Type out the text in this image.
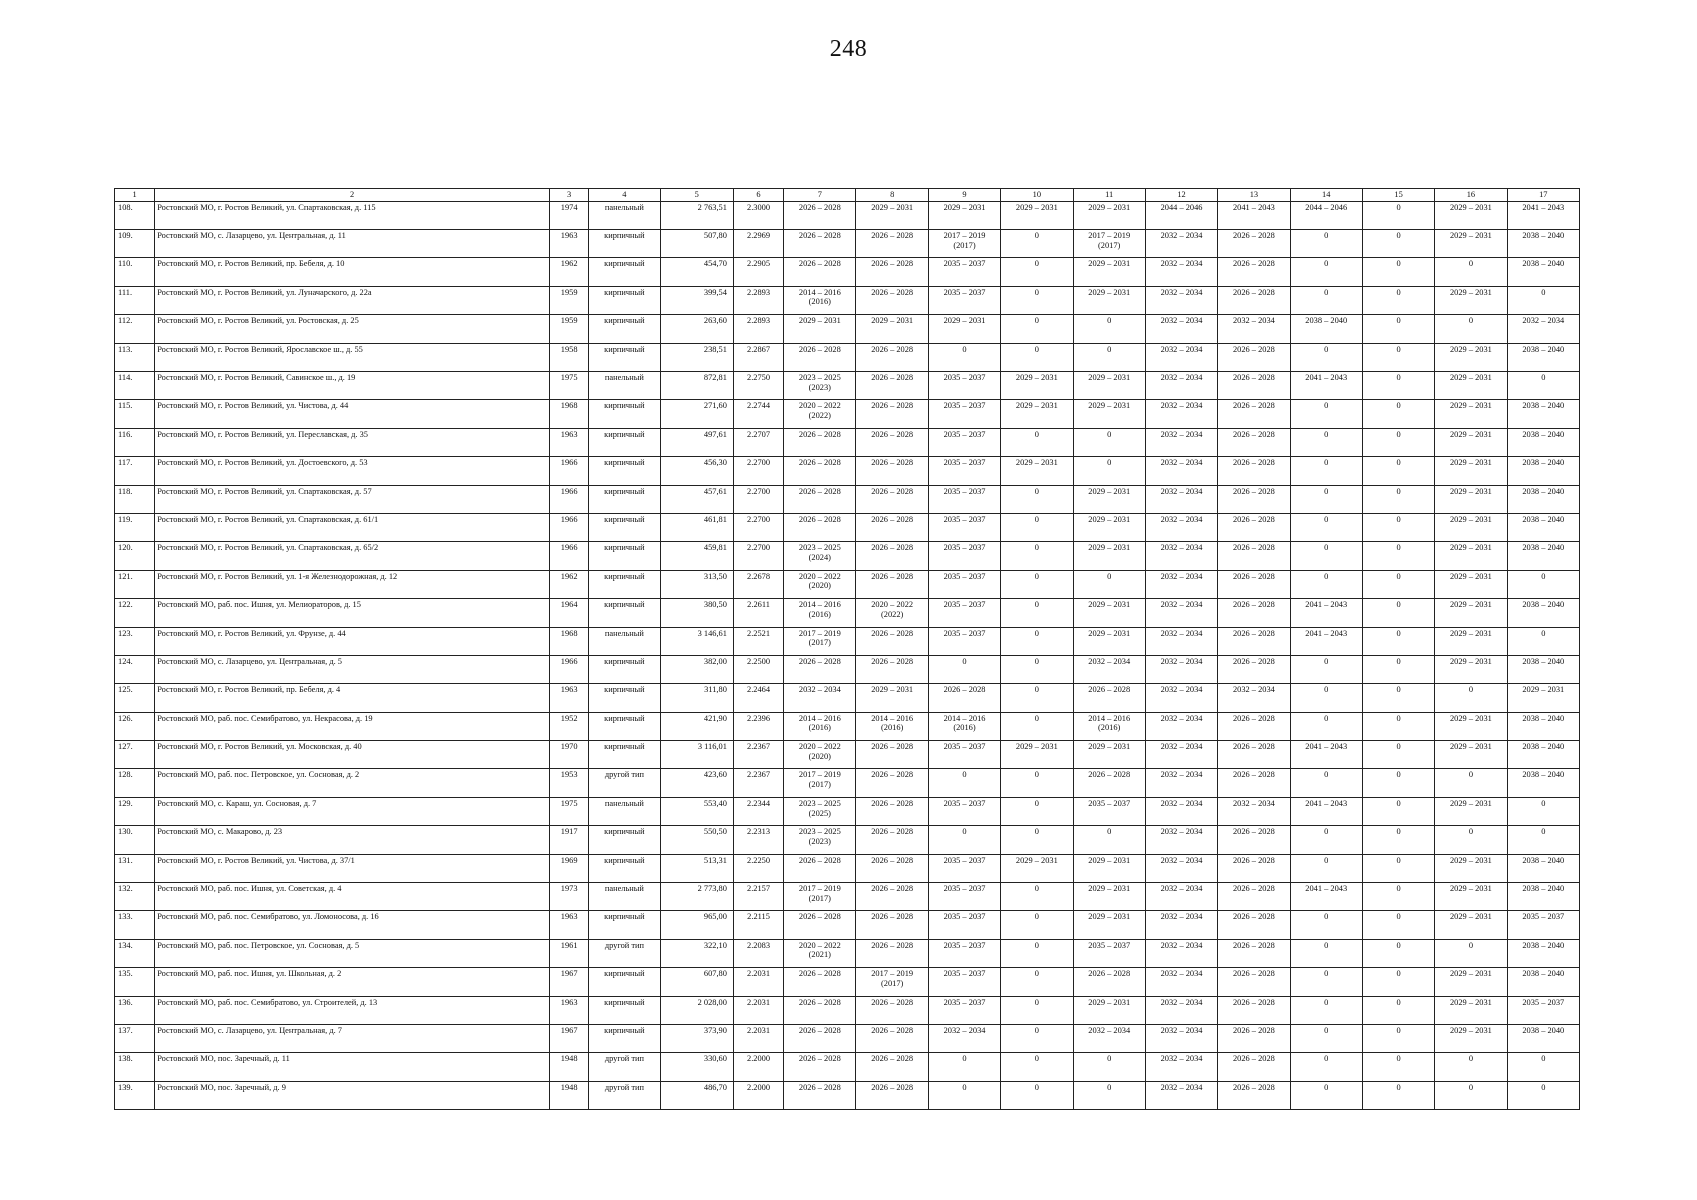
248
1	2	3	4	5	6	7	8	9	10	11	12	13	14	15	16	17
108.	Ростовский МО, г. Ростов Великий, ул. Спартаковская, д. 115	1974	панельный	2 763,51	2.3000	2026 – 2028	2029 – 2031	2029 – 2031	2029 – 2031	2029 – 2031	2044 – 2046	2041 – 2043	2044 – 2046	0	2029 – 2031	2041 – 2043
109.	Ростовский МО, с. Лазарцево, ул. Центральная, д. 11	1963	кирпичный	507,80	2.2969	2026 – 2028	2026 – 2028	2017 – 2019
(2017)	0	2017 – 2019
(2017)	2032 – 2034	2026 – 2028	0	0	2029 – 2031	2038 – 2040
110.	Ростовский МО, г. Ростов Великий, пр. Бебеля, д. 10	1962	кирпичный	454,70	2.2905	2026 – 2028	2026 – 2028	2035 – 2037	0	2029 – 2031	2032 – 2034	2026 – 2028	0	0	0	2038 – 2040
111.	Ростовский МО, г. Ростов Великий, ул. Луначарского, д. 22а	1959	кирпичный	399,54	2.2893	2014 – 2016
(2016)	2026 – 2028	2035 – 2037	0	2029 – 2031	2032 – 2034	2026 – 2028	0	0	2029 – 2031	0
112.	Ростовский МО, г. Ростов Великий, ул. Ростовская, д. 25	1959	кирпичный	263,60	2.2893	2029 – 2031	2029 – 2031	2029 – 2031	0	0	2032 – 2034	2032 – 2034	2038 – 2040	0	0	2032 – 2034
113.	Ростовский МО, г. Ростов Великий, Ярославское ш., д. 55	1958	кирпичный	238,51	2.2867	2026 – 2028	2026 – 2028	0	0	0	2032 – 2034	2026 – 2028	0	0	2029 – 2031	2038 – 2040
114.	Ростовский МО, г. Ростов Великий, Савинское ш., д. 19	1975	панельный	872,81	2.2750	2023 – 2025
(2023)	2026 – 2028	2035 – 2037	2029 – 2031	2029 – 2031	2032 – 2034	2026 – 2028	2041 – 2043	0	2029 – 2031	0
115.	Ростовский МО, г. Ростов Великий, ул. Чистова, д. 44	1968	кирпичный	271,60	2.2744	2020 – 2022
(2022)	2026 – 2028	2035 – 2037	2029 – 2031	2029 – 2031	2032 – 2034	2026 – 2028	0	0	2029 – 2031	2038 – 2040
116.	Ростовский МО, г. Ростов Великий, ул. Переславская, д. 35	1963	кирпичный	497,61	2.2707	2026 – 2028	2026 – 2028	2035 – 2037	0	0	2032 – 2034	2026 – 2028	0	0	2029 – 2031	2038 – 2040
117.	Ростовский МО, г. Ростов Великий, ул. Достоевского, д. 53	1966	кирпичный	456,30	2.2700	2026 – 2028	2026 – 2028	2035 – 2037	2029 – 2031	0	2032 – 2034	2026 – 2028	0	0	2029 – 2031	2038 – 2040
118.	Ростовский МО, г. Ростов Великий, ул. Спартаковская, д. 57	1966	кирпичный	457,61	2.2700	2026 – 2028	2026 – 2028	2035 – 2037	0	2029 – 2031	2032 – 2034	2026 – 2028	0	0	2029 – 2031	2038 – 2040
119.	Ростовский МО, г. Ростов Великий, ул. Спартаковская, д. 61/1	1966	кирпичный	461,81	2.2700	2026 – 2028	2026 – 2028	2035 – 2037	0	2029 – 2031	2032 – 2034	2026 – 2028	0	0	2029 – 2031	2038 – 2040
120.	Ростовский МО, г. Ростов Великий, ул. Спартаковская, д. 65/2	1966	кирпичный	459,81	2.2700	2023 – 2025
(2024)	2026 – 2028	2035 – 2037	0	2029 – 2031	2032 – 2034	2026 – 2028	0	0	2029 – 2031	2038 – 2040
121.	Ростовский МО, г. Ростов Великий, ул. 1-я Железнодорожная, д. 12	1962	кирпичный	313,50	2.2678	2020 – 2022
(2020)	2026 – 2028	2035 – 2037	0	0	2032 – 2034	2026 – 2028	0	0	2029 – 2031	0
122.	Ростовский МО, раб. пос. Ишня, ул. Мелиораторов, д. 15	1964	кирпичный	380,50	2.2611	2014 – 2016
(2016)	2020 – 2022
(2022)	2035 – 2037	0	2029 – 2031	2032 – 2034	2026 – 2028	2041 – 2043	0	2029 – 2031	2038 – 2040
123.	Ростовский МО, г. Ростов Великий, ул. Фрунзе, д. 44	1968	панельный	3 146,61	2.2521	2017 – 2019
(2017)	2026 – 2028	2035 – 2037	0	2029 – 2031	2032 – 2034	2026 – 2028	2041 – 2043	0	2029 – 2031	0
124.	Ростовский МО, с. Лазарцево, ул. Центральная, д. 5	1966	кирпичный	382,00	2.2500	2026 – 2028	2026 – 2028	0	0	2032 – 2034	2032 – 2034	2026 – 2028	0	0	2029 – 2031	2038 – 2040
125.	Ростовский МО, г. Ростов Великий, пр. Бебеля, д. 4	1963	кирпичный	311,80	2.2464	2032 – 2034	2029 – 2031	2026 – 2028	0	2026 – 2028	2032 – 2034	2032 – 2034	0	0	0	2029 – 2031
126.	Ростовский МО, раб. пос. Семибратово, ул. Некрасова, д. 19	1952	кирпичный	421,90	2.2396	2014 – 2016
(2016)	2014 – 2016
(2016)	2014 – 2016
(2016)	0	2014 – 2016
(2016)	2032 – 2034	2026 – 2028	0	0	2029 – 2031	2038 – 2040
127.	Ростовский МО, г. Ростов Великий, ул. Московская, д. 40	1970	кирпичный	3 116,01	2.2367	2020 – 2022
(2020)	2026 – 2028	2035 – 2037	2029 – 2031	2029 – 2031	2032 – 2034	2026 – 2028	2041 – 2043	0	2029 – 2031	2038 – 2040
128.	Ростовский МО, раб. пос. Петровское, ул. Сосновая, д. 2	1953	другой тип	423,60	2.2367	2017 – 2019
(2017)	2026 – 2028	0	0	2026 – 2028	2032 – 2034	2026 – 2028	0	0	0	2038 – 2040
129.	Ростовский МО, с. Караш, ул. Сосновая, д. 7	1975	панельный	553,40	2.2344	2023 – 2025
(2025)	2026 – 2028	2035 – 2037	0	2035 – 2037	2032 – 2034	2032 – 2034	2041 – 2043	0	2029 – 2031	0
130.	Ростовский МО, с. Макарово, д. 23	1917	кирпичный	550,50	2.2313	2023 – 2025
(2023)	2026 – 2028	0	0	0	2032 – 2034	2026 – 2028	0	0	0	0
131.	Ростовский МО, г. Ростов Великий, ул. Чистова, д. 37/1	1969	кирпичный	513,31	2.2250	2026 – 2028	2026 – 2028	2035 – 2037	2029 – 2031	2029 – 2031	2032 – 2034	2026 – 2028	0	0	2029 – 2031	2038 – 2040
132.	Ростовский МО, раб. пос. Ишня, ул. Советская, д. 4	1973	панельный	2 773,80	2.2157	2017 – 2019
(2017)	2026 – 2028	2035 – 2037	0	2029 – 2031	2032 – 2034	2026 – 2028	2041 – 2043	0	2029 – 2031	2038 – 2040
133.	Ростовский МО, раб. пос. Семибратово, ул. Ломоносова, д. 16	1963	кирпичный	965,00	2.2115	2026 – 2028	2026 – 2028	2035 – 2037	0	2029 – 2031	2032 – 2034	2026 – 2028	0	0	2029 – 2031	2035 – 2037
134.	Ростовский МО, раб. пос. Петровское, ул. Сосновая, д. 5	1961	другой тип	322,10	2.2083	2020 – 2022
(2021)	2026 – 2028	2035 – 2037	0	2035 – 2037	2032 – 2034	2026 – 2028	0	0	0	2038 – 2040
135.	Ростовский МО, раб. пос. Ишня, ул. Школьная, д. 2	1967	кирпичный	607,80	2.2031	2026 – 2028	2017 – 2019
(2017)	2035 – 2037	0	2026 – 2028	2032 – 2034	2026 – 2028	0	0	2029 – 2031	2038 – 2040
136.	Ростовский МО, раб. пос. Семибратово, ул. Строителей, д. 13	1963	кирпичный	2 028,00	2.2031	2026 – 2028	2026 – 2028	2035 – 2037	0	2029 – 2031	2032 – 2034	2026 – 2028	0	0	2029 – 2031	2035 – 2037
137.	Ростовский МО, с. Лазарцево, ул. Центральная, д. 7	1967	кирпичный	373,90	2.2031	2026 – 2028	2026 – 2028	2032 – 2034	0	2032 – 2034	2032 – 2034	2026 – 2028	0	0	2029 – 2031	2038 – 2040
138.	Ростовский МО, пос. Заречный, д. 11	1948	другой тип	330,60	2.2000	2026 – 2028	2026 – 2028	0	0	0	2032 – 2034	2026 – 2028	0	0	0	0
139.	Ростовский МО, пос. Заречный, д. 9	1948	другой тип	486,70	2.2000	2026 – 2028	2026 – 2028	0	0	0	2032 – 2034	2026 – 2028	0	0	0	0
